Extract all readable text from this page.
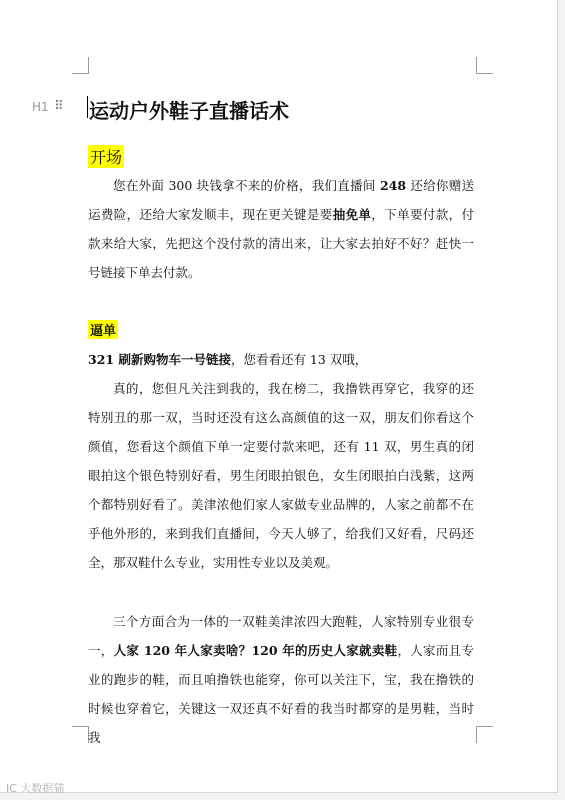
H1 ⠿ 运动户外鞋子直播话术
开场

您在外面 300 块钱拿不来的价格，我们直播间 248 还给你赠送运费险，还给大家发顺丰，现在更关键是要抽免单，下单要付款，付款来给大家，先把这个没付款的清出来，让大家去拍好不好？赶快一号链接下单去付款。

逼单

321 刷新购物车一号链接，您看看还有 13 双哦，

真的，您但凡关注到我的，我在榜二，我撸铁再穿它，我穿的还特别丑的那一双，当时还没有这么高颜值的这一双，朋友们你看这个颜值，您看这个颜值下单一定要付款来吧，还有 11 双，男生真的闭眼拍这个银色特别好看，男生闭眼拍银色，女生闭眼拍白浅紫，这两个都特别好看了。美津浓他们家人家做专业品牌的，人家之前都不在乎他外形的，来到我们直播间，今天人够了，给我们又好看，尺码还全，那双鞋什么专业，实用性专业以及美观。

三个方面合为一体的一双鞋美津浓四大跑鞋，人家特别专业很专一，人家 120 年人家卖啥？120 年的历史人家就卖鞋，人家而且专业的跑步的鞋，而且咱撸铁也能穿，你可以关注下，宝，我在撸铁的时候也穿着它，关键这一双还真不好看的我当时都穿的是男鞋，当时我

IC 大数据猫
